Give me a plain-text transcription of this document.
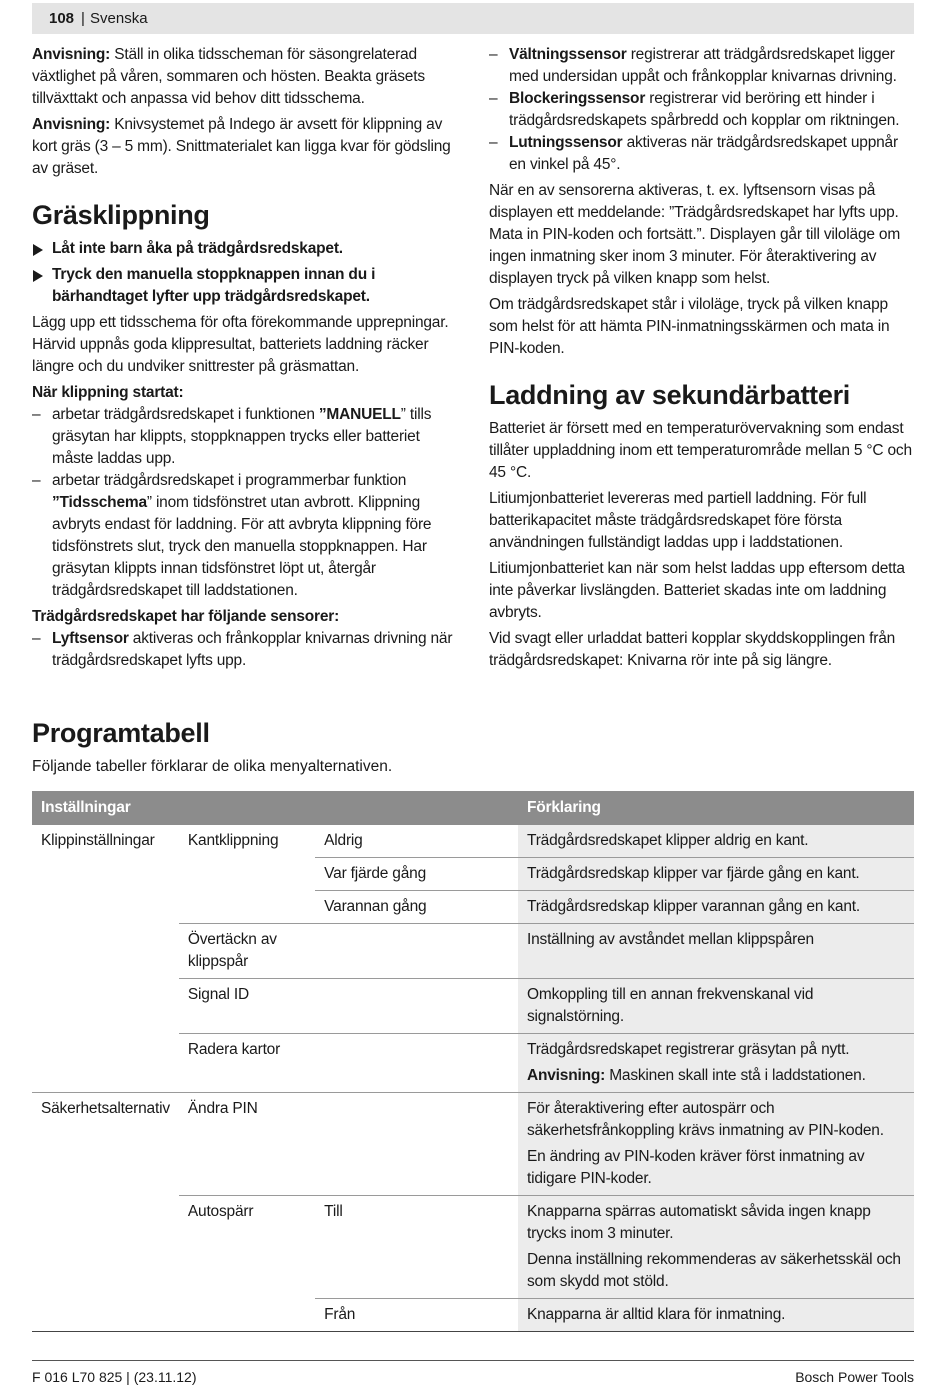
108 | Svenska

Anvisning: Ställ in olika tidsscheman för säsongrelaterad växtlighet på våren, sommaren och hösten. Beakta gräsets tillväxttakt och anpassa vid behov ditt tidsschema.

Anvisning: Knivsystemet på Indego är avsett för klippning av kort gräs (3 – 5 mm). Snittmaterialet kan ligga kvar för gödsling av gräset.

Gräsklippning
Låt inte barn åka på trädgårdsredskapet.
Tryck den manuella stoppknappen innan du i bärhandtaget lyfter upp trädgårdsredskapet.

Lägg upp ett tidsschema för ofta förekommande upprepningar. Härvid uppnås goda klippresultat, batteriets laddning räcker längre och du undviker snittrester på gräsmattan.

När klippning startat:

– arbetar trädgårdsredskapet i funktionen ”MANUELL” tills gräsytan har klippts, stoppknappen trycks eller batteriet måste laddas upp.
– arbetar trädgårdsredskapet i programmerbar funktion ”Tidsschema” inom tidsfönstret utan avbrott. Klippning avbryts endast för laddning. För att avbryta klippning före tidsfönstrets slut, tryck den manuella stoppknappen. Har gräsytan klippts innan tidsfönstret löpt ut, återgår trädgårdsredskapet till laddstationen.

Trädgårdsredskapet har följande sensorer:

– Lyftsensor aktiveras och frånkopplar knivarnas drivning när trädgårdsredskapet lyfts upp.
– Vältningssensor registrerar att trädgårdsredskapet ligger med undersidan uppåt och frånkopplar knivarnas drivning.
– Blockeringssensor registrerar vid beröring ett hinder i trädgårdsredskapets spårbredd och kopplar om riktningen.
– Lutningssensor aktiveras när trädgårdsredskapet uppnår en vinkel på 45°.

När en av sensorerna aktiveras, t. ex. lyftsensorn visas på displayen ett meddelande: ”Trädgårdsredskapet har lyfts upp. Mata in PIN-koden och fortsätt.”. Displayen går till viloläge om ingen inmatning sker inom 3 minuter. För återaktivering av displayen tryck på vilken knapp som helst.

Om trädgårdsredskapet står i viloläge, tryck på vilken knapp som helst för att hämta PIN-inmatningsskärmen och mata in PIN-koden.

Laddning av sekundärbatteri

Batteriet är försett med en temperaturövervakning som endast tillåter uppladdning inom ett temperaturområde mellan 5 °C och 45 °C.

Litiumjonbatteriet levereras med partiell laddning. För full batterikapacitet måste trädgårdsredskapet före första användningen fullständigt laddas upp i laddstationen.

Litiumjonbatteriet kan när som helst laddas upp eftersom detta inte påverkar livslängden. Batteriet skadas inte om laddning avbryts.

Vid svagt eller urladdat batteri kopplar skyddskopplingen från trädgårdsredskapet: Knivarna rör inte på sig längre.

Programtabell
Följande tabeller förklarar de olika menyalternativen.
Inställningar			Förklaring
Klippinställningar	Kantklippning	Aldrig	Trädgårdsredskapet klipper aldrig en kant.
		Var fjärde gång	Trädgårdsredskap klipper var fjärde gång en kant.
		Varannan gång	Trädgårdsredskap klipper varannan gång en kant.
	Övertäckn av klippspår		Inställning av avståndet mellan klippspåren
	Signal ID		Omkoppling till en annan frekvenskanal vid signalstörning.
	Radera kartor		Trädgårdsredskapet registrerar gräsytan på nytt.
Anvisning: Maskinen skall inte stå i laddstationen.

Säkerhetsalternativ	Ändra PIN		För återaktivering efter autospärr och säkerhetsfrånkoppling krävs inmatning av PIN-koden.
En ändring av PIN-koden kräver först inmatning av tidigare PIN-koder.

	Autospärr	Till	Knapparna spärras automatiskt såvida ingen knapp trycks inom 3 minuter.
Denna inställning rekommenderas av säkerhetsskäl och som skydd mot stöld.

		Från	Knapparna är alltid klara för inmatning.
F 016 L70 825 | (23.11.12)	Bosch Power Tools
